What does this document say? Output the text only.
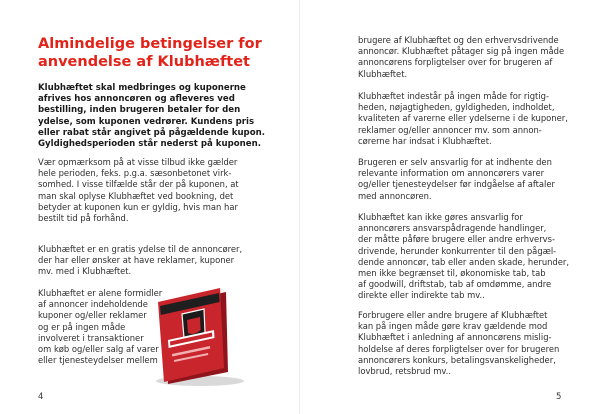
Almindelige betingelser for
anvendelse af Klubhæftet
Klubhæftet skal medbringes og kuponerne
afrives hos annoncøren og afleveres ved
bestilling, inden brugeren betaler for den
ydelse, som kuponen vedrører. Kundens pris
eller rabat står angivet på pågældende kupon.
Gyldighedsperioden står nederst på kuponen.
Vær opmærksom på at visse tilbud ikke gælder
hele perioden, feks. p.g.a. sæsonbetonet virk-
somhed. I visse tilfælde står der på kuponen, at
man skal oplyse Klubhæftet ved bookning, det
betyder at kuponen kun er gyldig, hvis man har
bestilt tid på forhånd.
Klubhæftet er en gratis ydelse til de annoncører,
der har eller ønsker at have reklamer, kuponer
mv. med i Klubhæftet.
Klubhæftet er alene formidler
af annoncer indeholdende
kuponer og/eller reklamer
og er på ingen måde
involveret i transaktioner
om køb og/eller salg af varer
eller tjenesteydelser mellem
4
brugere af Klubhæftet og den erhvervsdrivende
annoncør. Klubhæftet påtager sig på ingen måde
annoncørens forpligtelser over for brugeren af
Klubhæftet.
Klubhæftet indestår på ingen måde for rigtig-
heden, nøjagtigheden, gyldigheden, indholdet,
kvaliteten af varerne eller ydelserne i de kuponer,
reklamer og/eller annoncer mv. som annon-
cørerne har indsat i Klubhæftet.
Brugeren er selv ansvarlig for at indhente den
relevante information om annoncørers varer
og/eller tjenesteydelser før indgåelse af aftaler
med annoncøren.
Klubhæftet kan ikke gøres ansvarlig for
annoncørers ansvarspådragende handlinger,
der måtte påføre brugere eller andre erhvervs-
drivende, herunder konkurrenter til den pågæl-
dende annoncør, tab eller anden skade, herunder,
men ikke begrænset til, økonomiske tab, tab
af goodwill, driftstab, tab af omdømme, andre
direkte eller indirekte tab mv..
Forbrugere eller andre brugere af Klubhæftet
kan på ingen måde gøre krav gældende mod
Klubhæftet i anledning af annoncørens mislig-
holdelse af deres forpligtelser over for brugeren
annoncørers konkurs, betalingsvanskeligheder,
lovbrud, retsbrud mv..
5
